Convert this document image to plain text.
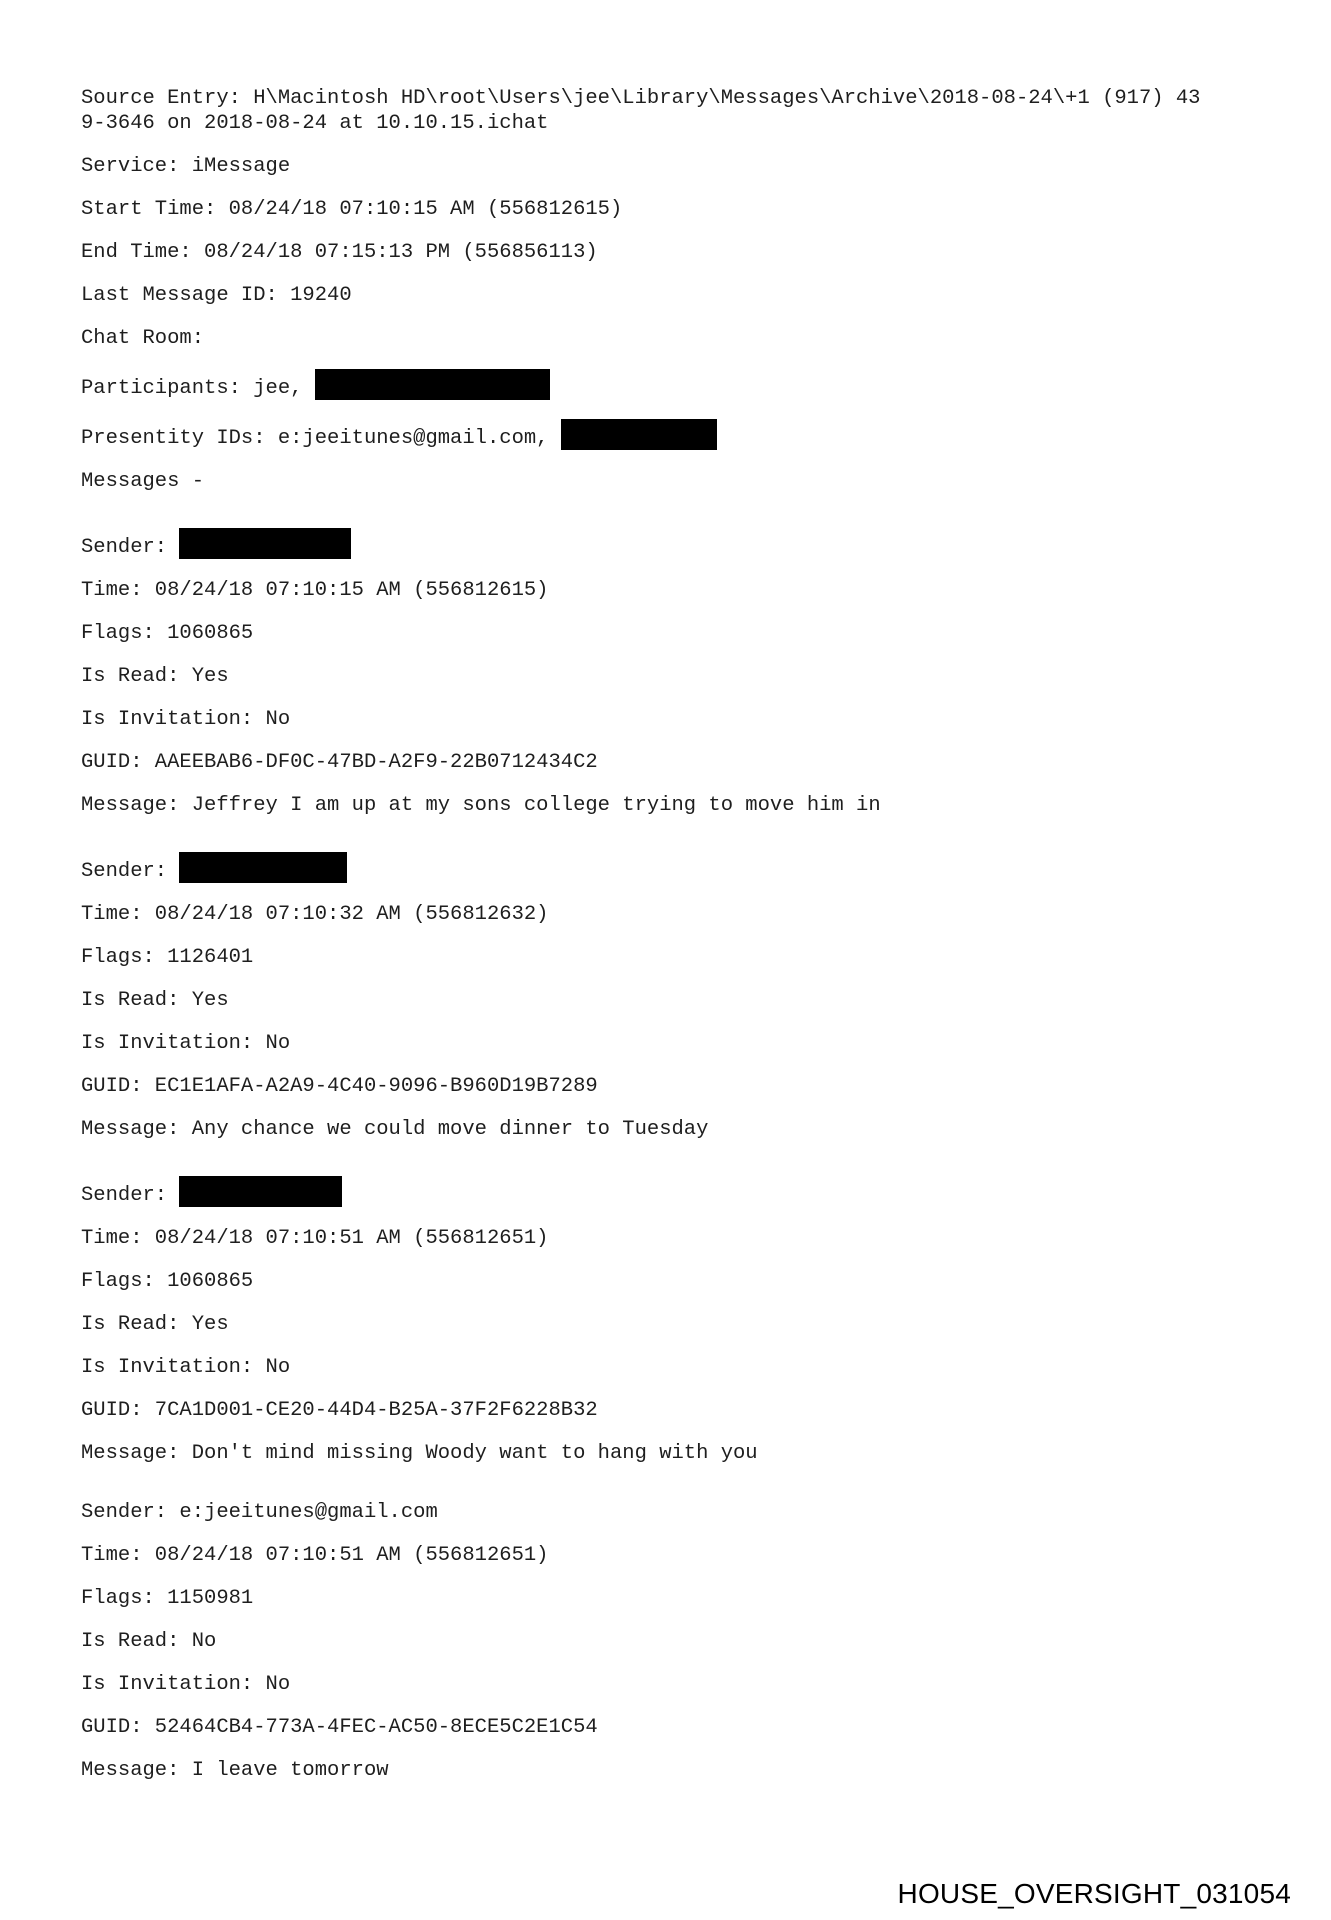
Source Entry: H\Macintosh HD\root\Users\jee\Library\Messages\Archive\2018-08-24\+1 (917) 439-3646 on 2018-08-24 at 10.10.15.ichat
Service: iMessage
Start Time: 08/24/18 07:10:15 AM (556812615)
End Time: 08/24/18 07:15:13 PM (556856113)
Last Message ID: 19240
Chat Room:
Participants: jee,
Presentity IDs: e:jeeitunes@gmail.com,
Messages -
Sender:
Time: 08/24/18 07:10:15 AM (556812615)
Flags: 1060865
Is Read: Yes
Is Invitation: No
GUID: AAEEBAB6-DF0C-47BD-A2F9-22B0712434C2
Message: Jeffrey I am up at my sons college trying to move him in
Sender:
Time: 08/24/18 07:10:32 AM (556812632)
Flags: 1126401
Is Read: Yes
Is Invitation: No
GUID: EC1E1AFA-A2A9-4C40-9096-B960D19B7289
Message: Any chance we could move dinner to Tuesday
Sender:
Time: 08/24/18 07:10:51 AM (556812651)
Flags: 1060865
Is Read: Yes
Is Invitation: No
GUID: 7CA1D001-CE20-44D4-B25A-37F2F6228B32
Message: Don't mind missing Woody want to hang with you
Sender: e:jeeitunes@gmail.com
Time: 08/24/18 07:10:51 AM (556812651)
Flags: 1150981
Is Read: No
Is Invitation: No
GUID: 52464CB4-773A-4FEC-AC50-8ECE5C2E1C54
Message: I leave tomorrow
HOUSE_OVERSIGHT_031054
